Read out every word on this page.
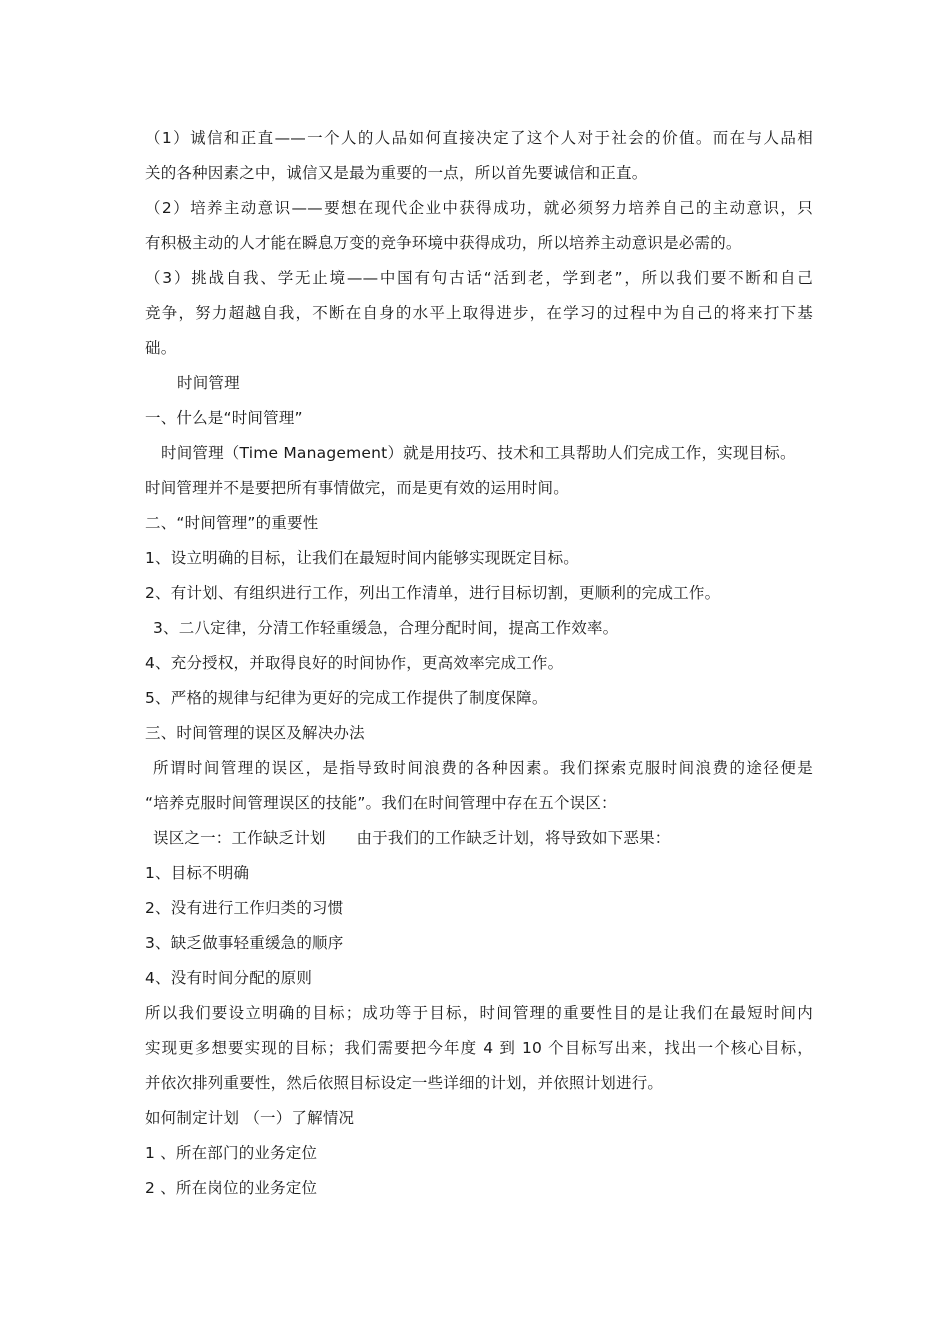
（1）诚信和正直——一个人的人品如何直接决定了这个人对于社会的价值。而在与人品相
关的各种因素之中，诚信又是最为重要的一点，所以首先要诚信和正直。
（2）培养主动意识——要想在现代企业中获得成功，就必须努力培养自己的主动意识，只
有积极主动的人才能在瞬息万变的竞争环境中获得成功，所以培养主动意识是必需的。
（3）挑战自我、学无止境——中国有句古话“活到老，学到老”，所以我们要不断和自己
竞争，努力超越自我，不断在自身的水平上取得进步，在学习的过程中为自己的将来打下基
础。
时间管理
一、什么是“时间管理”
时间管理（Time Management）就是用技巧、技术和工具帮助人们完成工作，实现目标。
时间管理并不是要把所有事情做完，而是更有效的运用时间。
二、“时间管理”的重要性
1、设立明确的目标，让我们在最短时间内能够实现既定目标。
2、有计划、有组织进行工作，列出工作清单，进行目标切割，更顺利的完成工作。
3、二八定律，分清工作轻重缓急，合理分配时间，提高工作效率。
4、充分授权，并取得良好的时间协作，更高效率完成工作。
5、严格的规律与纪律为更好的完成工作提供了制度保障。
三、时间管理的误区及解决办法
所谓时间管理的误区，是指导致时间浪费的各种因素。我们探索克服时间浪费的途径便是
“培养克服时间管理误区的技能”。我们在时间管理中存在五个误区：
误区之一：工作缺乏计划      由于我们的工作缺乏计划，将导致如下恶果：
1、目标不明确
2、没有进行工作归类的习惯
3、缺乏做事轻重缓急的顺序
4、没有时间分配的原则
所以我们要设立明确的目标；成功等于目标，时间管理的重要性目的是让我们在最短时间内
实现更多想要实现的目标；我们需要把今年度 4 到 10 个目标写出来，找出一个核心目标，
并依次排列重要性，然后依照目标设定一些详细的计划，并依照计划进行。
如何制定计划 （一）了解情况
1 、所在部门的业务定位
2 、所在岗位的业务定位
